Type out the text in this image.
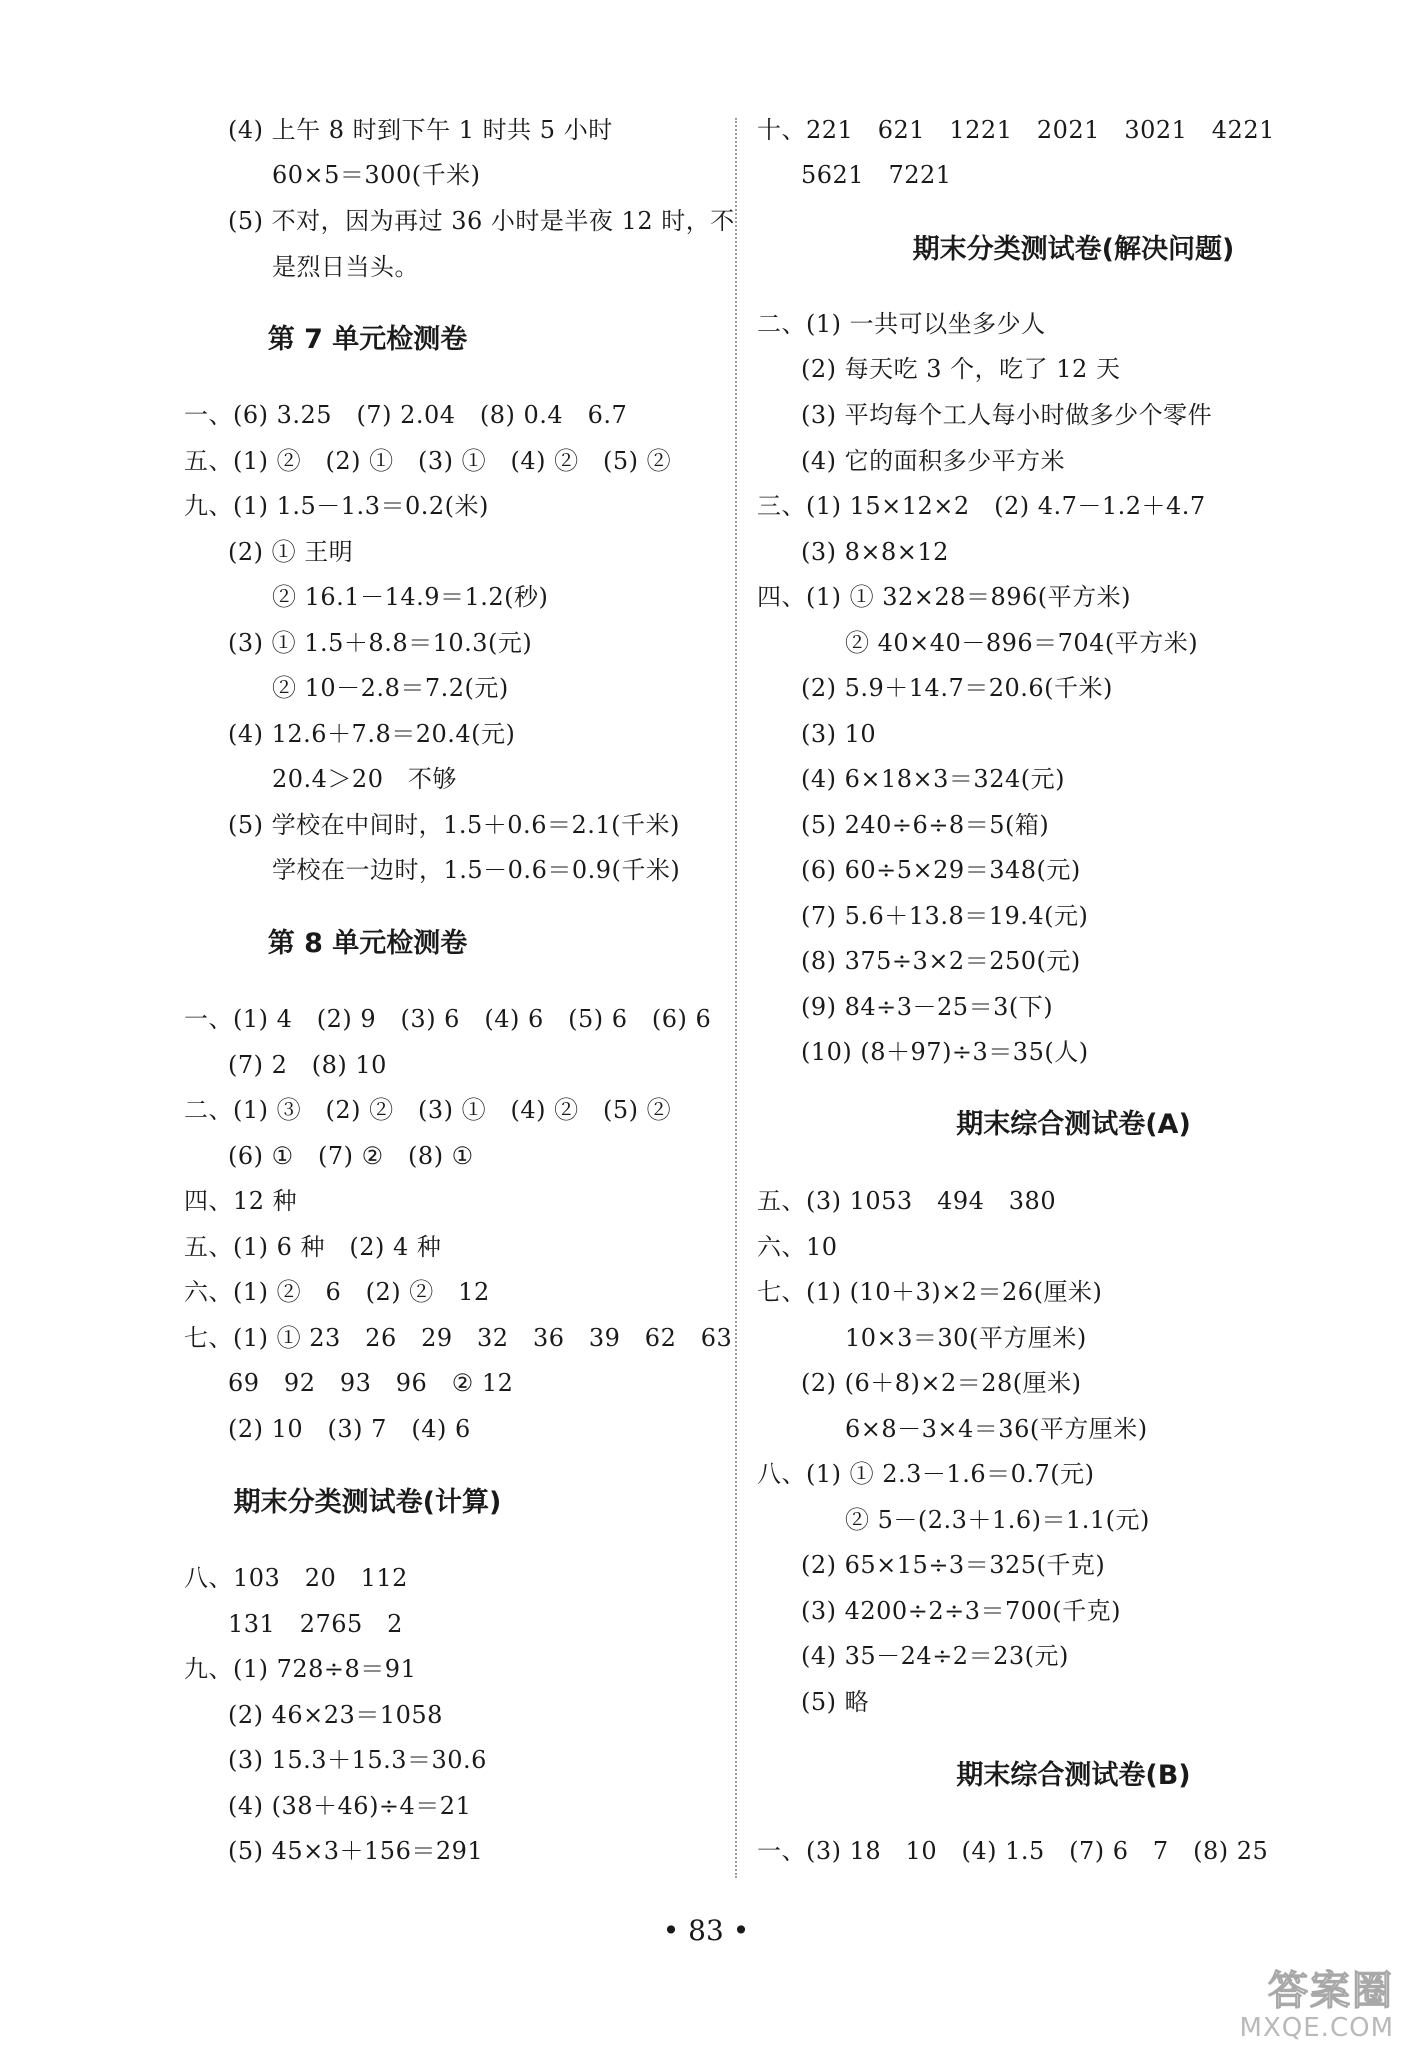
(4) 上午 8 时到下午 1 时共 5 小时
60×5＝300(千米)
(5) 不对，因为再过 36 小时是半夜 12 时，不
是烈日当头。
第 7 单元检测卷
一、(6) 3.25   (7) 2.04   (8) 0.4   6.7
五、(1) ②   (2) ①   (3) ①   (4) ②   (5) ②
九、(1) 1.5－1.3＝0.2(米)
(2) ① 王明
② 16.1－14.9＝1.2(秒)
(3) ① 1.5＋8.8＝10.3(元)
② 10－2.8＝7.2(元)
(4) 12.6＋7.8＝20.4(元)
20.4＞20   不够
(5) 学校在中间时，1.5＋0.6＝2.1(千米)
学校在一边时，1.5－0.6＝0.9(千米)
第 8 单元检测卷
一、(1) 4   (2) 9   (3) 6   (4) 6   (5) 6   (6) 6
(7) 2   (8) 10
二、(1) ③   (2) ②   (3) ①   (4) ②   (5) ②
(6) ①   (7) ②   (8) ①
四、12 种
五、(1) 6 种   (2) 4 种
六、(1) ②   6   (2) ②   12
七、(1) ① 23   26   29   32   36   39   62   63
69   92   93   96   ② 12
(2) 10   (3) 7   (4) 6
期末分类测试卷(计算)
八、103   20   112
131   2765   2
九、(1) 728÷8＝91
(2) 46×23＝1058
(3) 15.3＋15.3＝30.6
(4) (38＋46)÷4＝21
(5) 45×3＋156＝291
十、221   621   1221   2021   3021   4221
5621   7221
期末分类测试卷(解决问题)
二、(1) 一共可以坐多少人
(2) 每天吃 3 个，吃了 12 天
(3) 平均每个工人每小时做多少个零件
(4) 它的面积多少平方米
三、(1) 15×12×2   (2) 4.7－1.2＋4.7
(3) 8×8×12
四、(1) ① 32×28＝896(平方米)
② 40×40－896＝704(平方米)
(2) 5.9＋14.7＝20.6(千米)
(3) 10
(4) 6×18×3＝324(元)
(5) 240÷6÷8＝5(箱)
(6) 60÷5×29＝348(元)
(7) 5.6＋13.8＝19.4(元)
(8) 375÷3×2＝250(元)
(9) 84÷3－25＝3(下)
(10) (8＋97)÷3＝35(人)
期末综合测试卷(A)
五、(3) 1053   494   380
六、10
七、(1) (10＋3)×2＝26(厘米)
10×3＝30(平方厘米)
(2) (6＋8)×2＝28(厘米)
6×8－3×4＝36(平方厘米)
八、(1) ① 2.3－1.6＝0.7(元)
② 5－(2.3＋1.6)＝1.1(元)
(2) 65×15÷3＝325(千克)
(3) 4200÷2÷3＝700(千克)
(4) 35－24÷2＝23(元)
(5) 略
期末综合测试卷(B)
一、(3) 18   10   (4) 1.5   (7) 6   7   (8) 25
• 83 •
答案圈
MXQE.COM
